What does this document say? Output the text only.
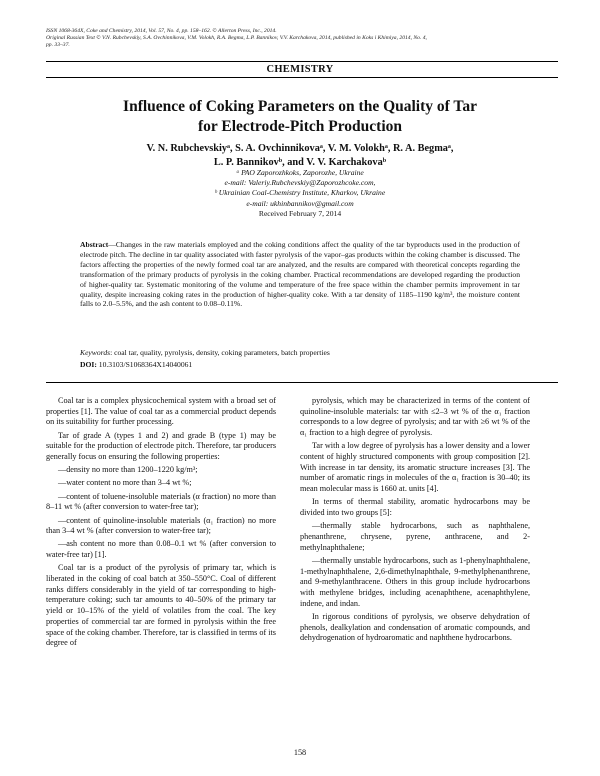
ISSN 1068-364X, Coke and Chemistry, 2014, Vol. 57, No. 4, pp. 158–162. © Allerton Press, Inc., 2014.
Original Russian Text © V.N. Rubchevskiy, S.A. Ovchinnikova, V.M. Volokh, R.A. Begma, L.P. Bannikov, V.V. Karchakova, 2014, published in Koks i Khimiya, 2014, No. 4,
pp. 33–37.
CHEMISTRY
Influence of Coking Parameters on the Quality of Tar
for Electrode-Pitch Production
V. N. Rubchevskiyᵃ, S. A. Ovchinnikovaᵃ, V. M. Volokhᵃ, R. A. Begmaᵃ,
L. P. Bannikovᵇ, and V. V. Karchakovaᵇ
ᵃ PAO Zaporozhkoks, Zaporozhe, Ukraine
e-mail: Valeriy.Rubchevskiy@Zaporozhcoke.com,
ᵇ Ukrainian Coal-Chemistry Institute, Kharkov, Ukraine
e-mail: ukhinbannikov@gmail.com
Received February 7, 2014
Abstract—Changes in the raw materials employed and the coking conditions affect the quality of the tar byproducts used in the production of electrode pitch. The decline in tar quality associated with faster pyrolysis of the vapor–gas products within the coking chamber is discussed. The factors affecting the properties of the newly formed coal tar are analyzed, and the results are compared with theoretical concepts regarding the transformation of the primary products of pyrolysis in the coking chamber. Practical recommendations are developed regarding the production of higher-quality tar. Systematic monitoring of the volume and temperature of the free space within the chamber permits improvement in tar quality, despite increasing coking rates in the production of higher-quality coke. With a tar density of 1185–1190 kg/m³, the moisture content falls to 2.0–5.5%, and the ash content to 0.08–0.11%.
Keywords: coal tar, quality, pyrolysis, density, coking parameters, batch properties
DOI: 10.3103/S1068364X14040061

Coal tar is a complex physicochemical system with a broad set of properties [1]. The value of coal tar as a commercial product depends on its suitability for further processing.

Tar of grade A (types 1 and 2) and grade B (type 1) may be suitable for the production of electrode pitch. Therefore, tar producers generally focus on ensuring the following properties:

—density no more than 1200–1220 kg/m³;

—water content no more than 3–4 wt %;

—content of toluene-insoluble materials (α fraction) no more than 8–11 wt % (after conversion to water-free tar);

—content of quinoline-insoluble materials (α₁ fraction) no more than 3–4 wt % (after conversion to water-free tar);

—ash content no more than 0.08–0.1 wt % (after conversion to water-free tar) [1].

Coal tar is a product of the pyrolysis of primary tar, which is liberated in the coking of coal batch at 350–550°C. Coal of different ranks differs considerably in the yield of tar corresponding to high-temperature coking; such tar amounts to 40–50% of the primary tar yield or 10–15% of the yield of volatiles from the coal. The key properties of commercial tar are formed in pyrolysis within the free space of the coking chamber. Therefore, tar is classified in terms of its degree of

pyrolysis, which may be characterized in terms of the content of quinoline-insoluble materials: tar with ≤2–3 wt % of the α₁ fraction corresponds to a low degree of pyrolysis; and tar with ≥6 wt % of the α₁ fraction to a high degree of pyrolysis.

Tar with a low degree of pyrolysis has a lower density and a lower content of highly structured components with group composition [2]. With increase in tar density, its aromatic structure increases [3]. The number of aromatic rings in molecules of the α₁ fraction is 30–40; its mean molecular mass is 1660 at. units [4].

In terms of thermal stability, aromatic hydrocarbons may be divided into two groups [5]:

—thermally stable hydrocarbons, such as naphthalene, phenanthrene, chrysene, pyrene, anthracene, and 2-methylnaphthalene;

—thermally unstable hydrocarbons, such as 1-phenylnaphthalene, 1-methylnaphthalene, 2,6-dimethylnaphthale, 9-methylphenanthrene, and 9-methylanthracene. Others in this group include hydrocarbons with methylene bridges, including acenaphthene, acenaphthylene, indene, and indan.

In rigorous conditions of pyrolysis, we observe dehydration of phenols, dealkylation and condensation of aromatic compounds, and dehydrogenation of hydroaromatic and naphthene hydrocarbons.

158
